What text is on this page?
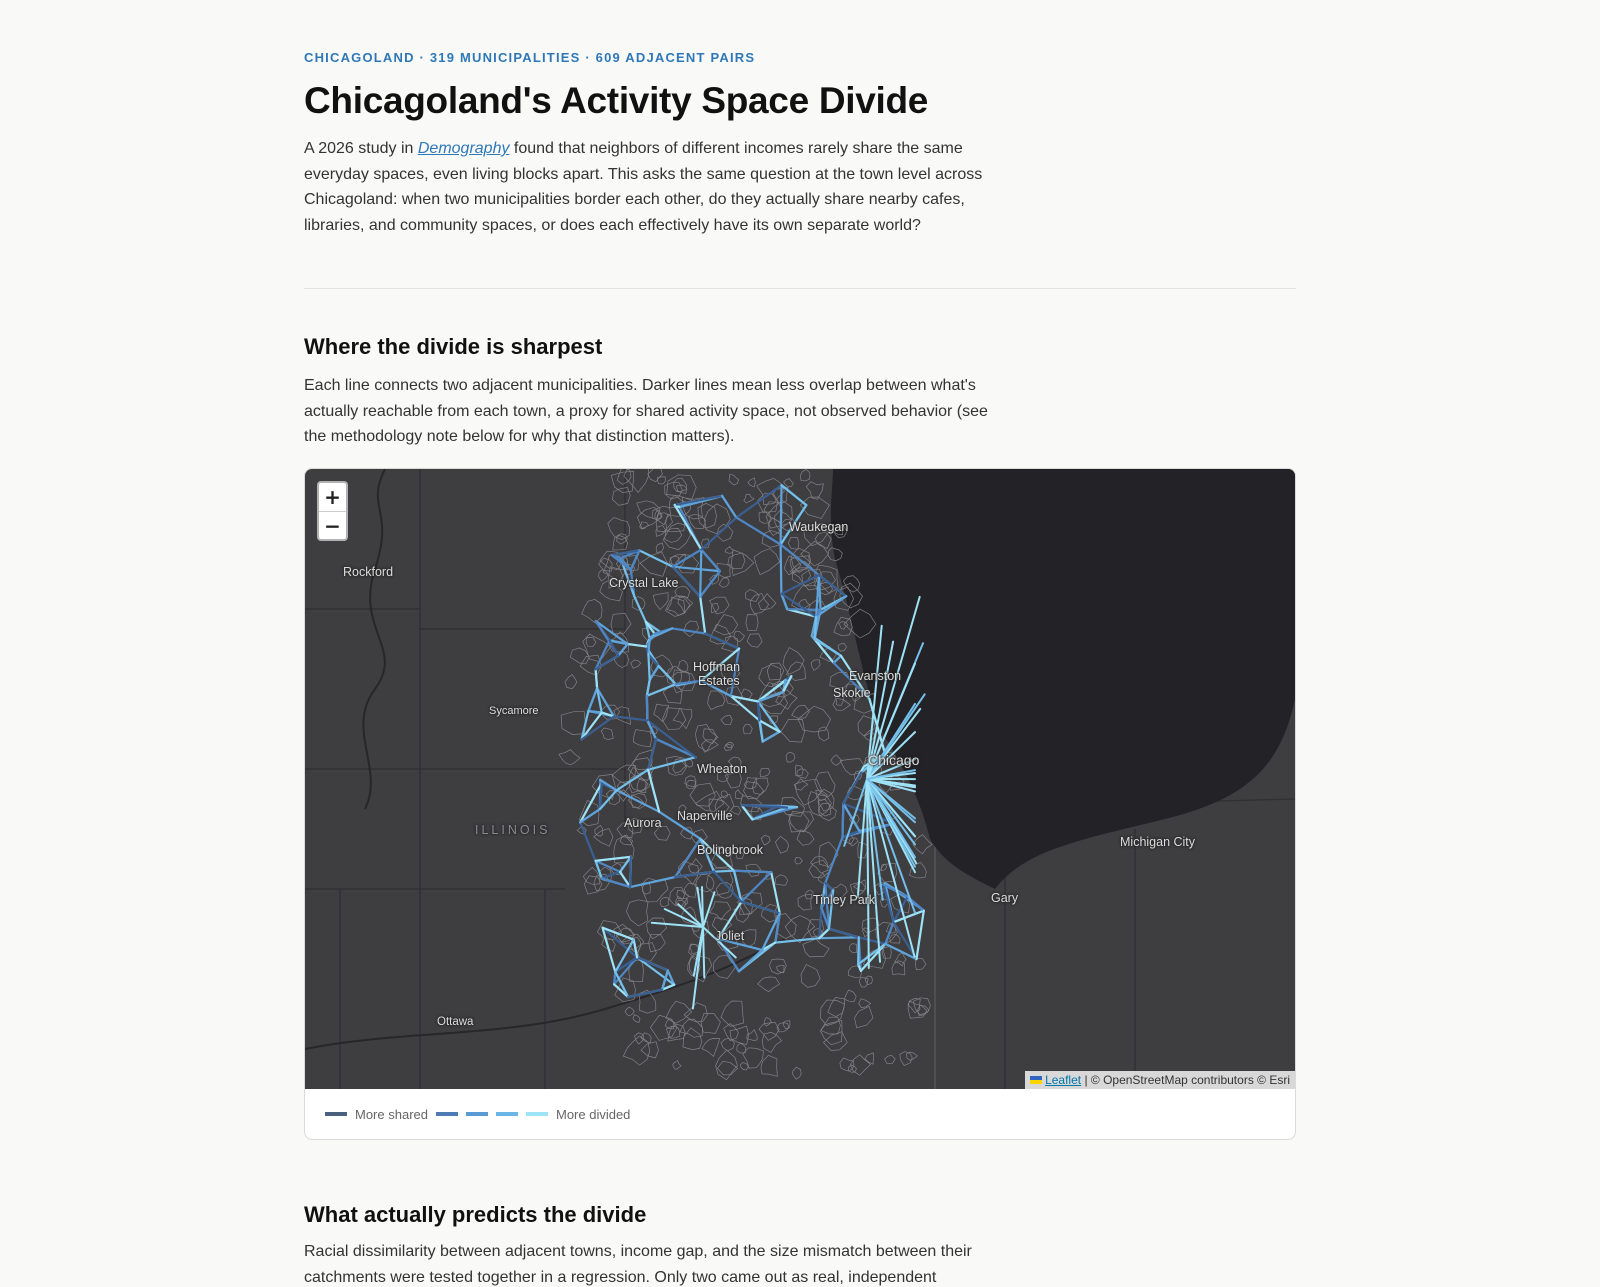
CHICAGOLAND · 319 MUNICIPALITIES · 609 ADJACENT PAIRS
Chicagoland's Activity Space Divide

A 2026 study in Demography found that neighbors of different incomes rarely share the same everyday spaces, even living blocks apart. This asks the same question at the town level across Chicagoland: when two municipalities border each other, do they actually share nearby cafes, libraries, and community spaces, or does each effectively have its own separate world?

Where the divide is sharpest

Each line connects two adjacent municipalities. Darker lines mean less overlap between what's actually reachable from each town, a proxy for shared activity space, not observed behavior (see the methodology note below for why that distinction matters).

Rockford
Crystal Lake
Waukegan
Hoffman
Estates	Evanston
Skokie
Sycamore
Chicago
Wheaton
Naperville
Aurora
ILLINOIS
Bolingbrook
Michigan City
Gary
Tinley Park
Joliet
Ottawa
+
−
Leaflet | © OpenStreetMap contributors © Esri
More shared	More divided
What actually predicts the divide

Racial dissimilarity between adjacent towns, income gap, and the size mismatch between their catchments were tested together in a regression. Only two came out as real, independent
